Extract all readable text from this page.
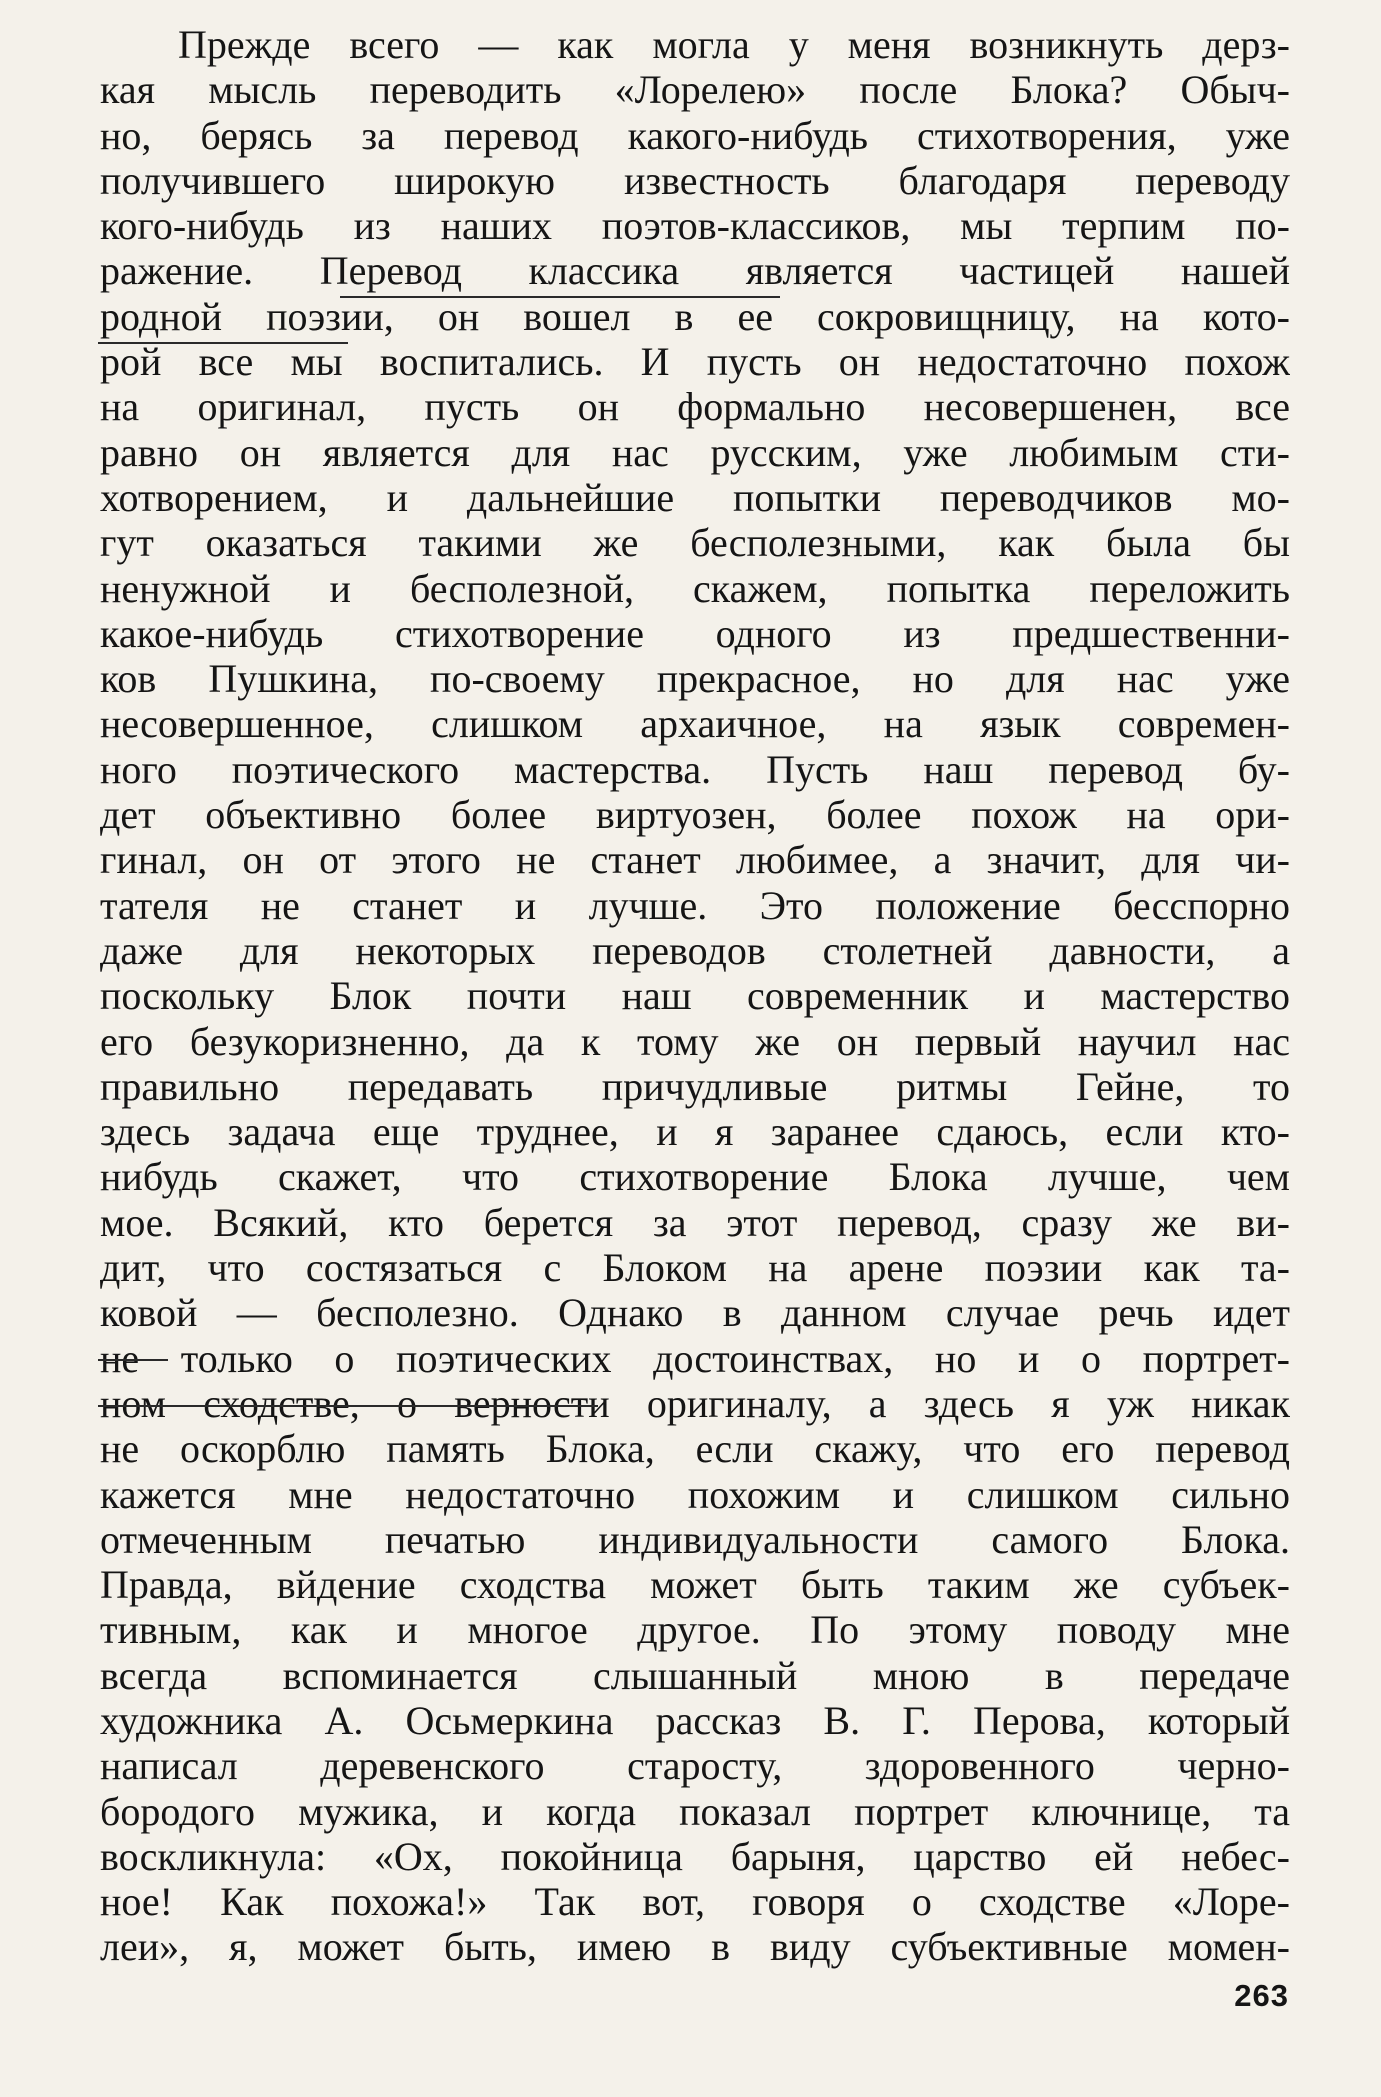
Прежде всего — как могла у меня возникнуть дерз-
кая мысль переводить «Лорелею» после Блока? Обыч-
но, берясь за перевод какого-нибудь стихотворения, уже
получившего широкую известность благодаря переводу
кого-нибудь из наших поэтов-классиков, мы терпим по-
ражение. Перевод классика является частицей нашей
родной поэзии, он вошел в ее сокровищницу, на кото-
рой все мы воспитались. И пусть он недостаточно похож
на оригинал, пусть он формально несовершенен, все
равно он является для нас русским, уже любимым сти-
хотворением, и дальнейшие попытки переводчиков мо-
гут оказаться такими же бесполезными, как была бы
ненужной и бесполезной, скажем, попытка переложить
какое-нибудь стихотворение одного из предшественни-
ков Пушкина, по-своему прекрасное, но для нас уже
несовершенное, слишком архаичное, на язык современ-
ного поэтического мастерства. Пусть наш перевод бу-
дет объективно более виртуозен, более похож на ори-
гинал, он от этого не станет любимее, а значит, для чи-
тателя не станет и лучше. Это положение бесспорно
даже для некоторых переводов столетней давности, а
поскольку Блок почти наш современник и мастерство
его безукоризненно, да к тому же он первый научил нас
правильно передавать причудливые ритмы Гейне, то
здесь задача еще труднее, и я заранее сдаюсь, если кто-
нибудь скажет, что стихотворение Блока лучше, чем
мое. Всякий, кто берется за этот перевод, сразу же ви-
дит, что состязаться с Блоком на арене поэзии как та-
ковой — бесполезно. Однако в данном случае речь идет
не только о поэтических достоинствах, но и о портрет-
ном сходстве, о верности оригиналу, а здесь я уж никак
не оскорблю память Блока, если скажу, что его перевод
кажется мне недостаточно похожим и слишком сильно
отмеченным печатью индивидуальности самого Блока.
Правда, вйдение сходства может быть таким же субъек-
тивным, как и многое другое. По этому поводу мне
всегда вспоминается слышанный мною в передаче
художника А. Осьмеркина рассказ В. Г. Перова, который
написал деревенского старосту, здоровенного черно-
бородого мужика, и когда показал портрет ключнице, та
воскликнула: «Ох, покойница барыня, царство ей небес-
ное! Как похожа!» Так вот, говоря о сходстве «Лоре-
леи», я, может быть, имею в виду субъективные момен-
263
